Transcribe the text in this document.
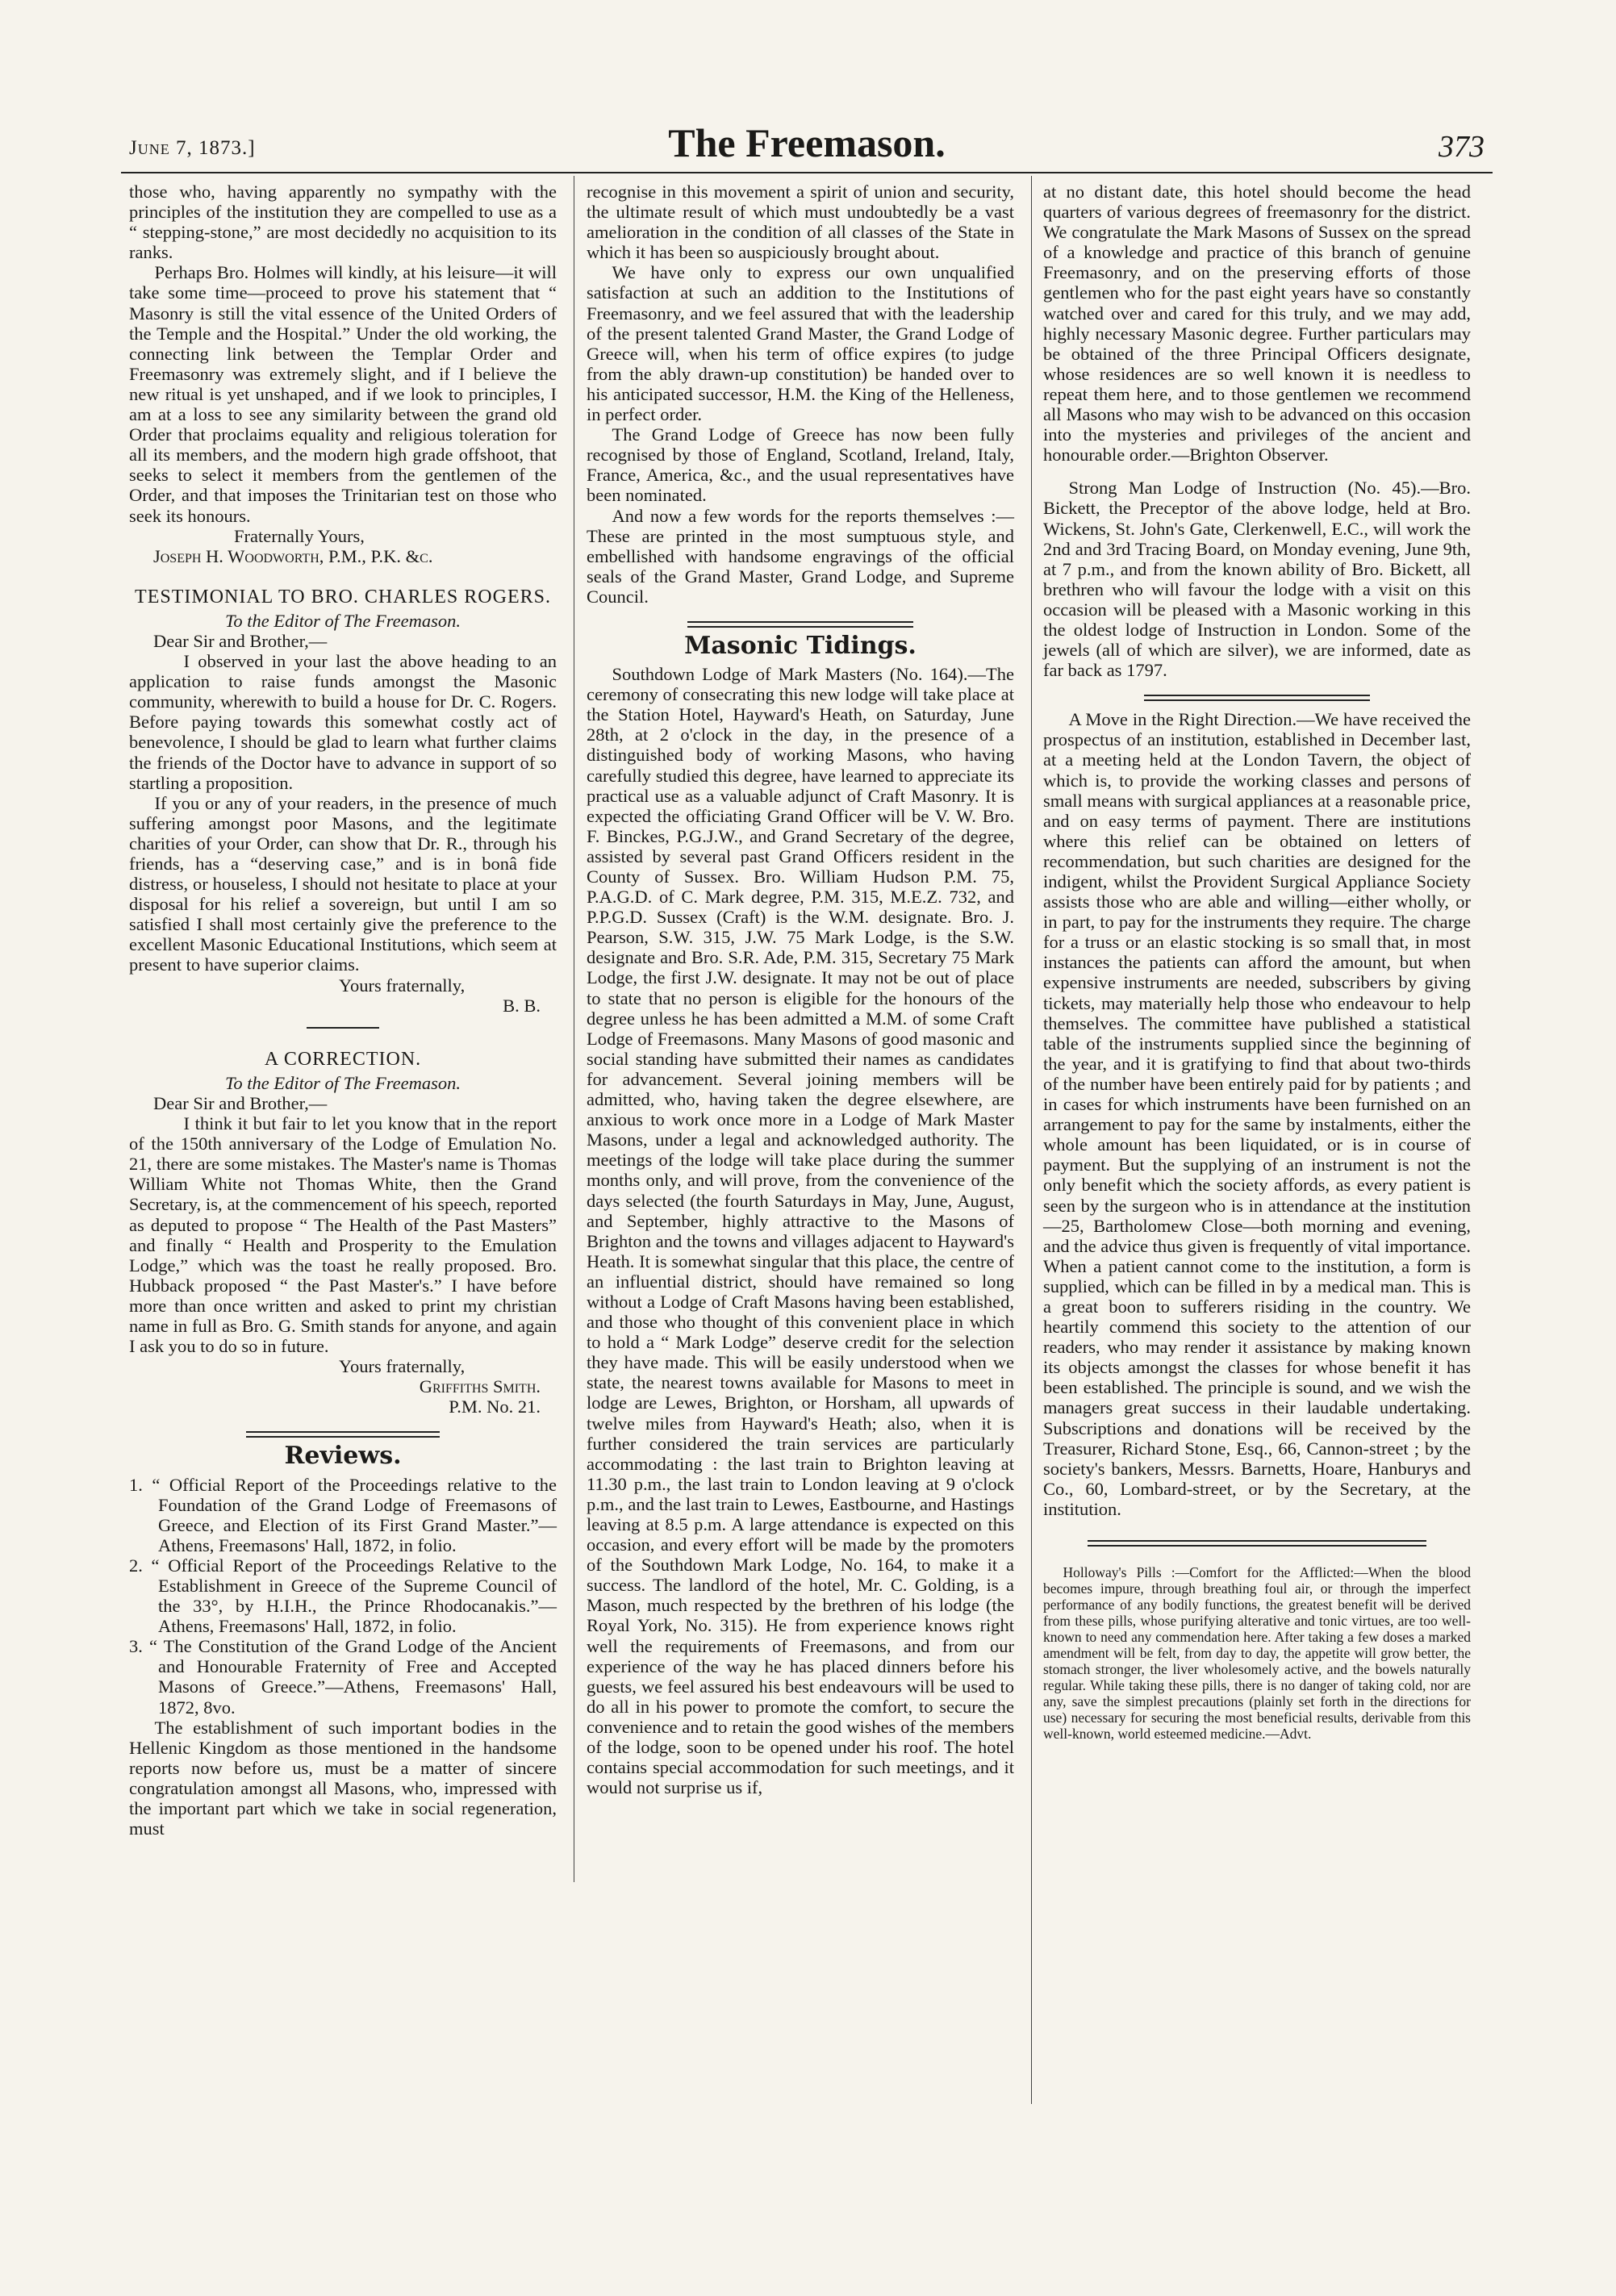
June 7, 1873.]	The Freemason.	373

those who, having apparently no sympathy with the principles of the institution they are compelled to use as a “ stepping-stone,” are most decidedly no acquisition to its ranks.

Perhaps Bro. Holmes will kindly, at his leisure—it will take some time—proceed to prove his statement that “ Masonry is still the vital essence of the United Orders of the Temple and the Hospital.” Under the old working, the connecting link between the Templar Order and Freemasonry was extremely slight, and if I believe the new ritual is yet unshaped, and if we look to principles, I am at a loss to see any similarity between the grand old Order that proclaims equality and religious toleration for all its members, and the modern high grade offshoot, that seeks to select it members from the gentlemen of the Order, and that imposes the Trinitarian test on those who seek its honours.

Fraternally Yours,

Joseph H. Woodworth, P.M., P.K. &c.

TESTIMONIAL TO BRO. CHARLES ROGERS.

To the Editor of The Freemason.

Dear Sir and Brother,—

I observed in your last the above heading to an application to raise funds amongst the Masonic community, wherewith to build a house for Dr. C. Rogers. Before paying towards this somewhat costly act of benevolence, I should be glad to learn what further claims the friends of the Doctor have to advance in support of so startling a proposition.

If you or any of your readers, in the presence of much suffering amongst poor Masons, and the legitimate charities of your Order, can show that Dr. R., through his friends, has a “deserving case,” and is in bonâ fide distress, or houseless, I should not hesitate to place at your disposal for his relief a sovereign, but until I am so satisfied I shall most certainly give the preference to the excellent Masonic Educational Institutions, which seem at present to have superior claims.

Yours fraternally,

B. B.

A CORRECTION.

To the Editor of The Freemason.

Dear Sir and Brother,—

I think it but fair to let you know that in the report of the 150th anniversary of the Lodge of Emulation No. 21, there are some mistakes. The Master's name is Thomas William White not Thomas White, then the Grand Secretary, is, at the commencement of his speech, reported as deputed to propose “ The Health of the Past Masters” and finally “ Health and Prosperity to the Emulation Lodge,” which was the toast he really proposed. Bro. Hubback proposed “ the Past Master's.” I have before more than once written and asked to print my christian name in full as Bro. G. Smith stands for anyone, and again I ask you to do so in future.

Yours fraternally,

Griffiths Smith.

P.M. No. 21.

Reviews.

1. “ Official Report of the Proceedings relative to the Foundation of the Grand Lodge of Freemasons of Greece, and Election of its First Grand Master.”—Athens, Freemasons' Hall, 1872, in folio.

2. “ Official Report of the Proceedings Relative to the Establishment in Greece of the Supreme Council of the 33°, by H.I.H., the Prince Rhodocanakis.”—Athens, Freemasons' Hall, 1872, in folio.

3. “ The Constitution of the Grand Lodge of the Ancient and Honourable Fraternity of Free and Accepted Masons of Greece.”—Athens, Freemasons' Hall, 1872, 8vo.

The establishment of such important bodies in the Hellenic Kingdom as those mentioned in the handsome reports now before us, must be a matter of sincere congratulation amongst all Masons, who, impressed with the important part which we take in social regeneration, must

recognise in this movement a spirit of union and security, the ultimate result of which must undoubtedly be a vast amelioration in the condition of all classes of the State in which it has been so auspiciously brought about.

We have only to express our own unqualified satisfaction at such an addition to the Institutions of Freemasonry, and we feel assured that with the leadership of the present talented Grand Master, the Grand Lodge of Greece will, when his term of office expires (to judge from the ably drawn-up constitution) be handed over to his anticipated successor, H.M. the King of the Helleness, in perfect order.

The Grand Lodge of Greece has now been fully recognised by those of England, Scotland, Ireland, Italy, France, America, &c., and the usual representatives have been nominated.

And now a few words for the reports themselves :—These are printed in the most sumptuous style, and embellished with handsome engravings of the official seals of the Grand Master, Grand Lodge, and Supreme Council.

Masonic Tidings.

Southdown Lodge of Mark Masters (No. 164).—The ceremony of consecrating this new lodge will take place at the Station Hotel, Hayward's Heath, on Saturday, June 28th, at 2 o'clock in the day, in the presence of a distinguished body of working Masons, who having carefully studied this degree, have learned to appreciate its practical use as a valuable adjunct of Craft Masonry. It is expected the officiating Grand Officer will be V. W. Bro. F. Binckes, P.G.J.W., and Grand Secretary of the degree, assisted by several past Grand Officers resident in the County of Sussex. Bro. William Hudson P.M. 75, P.A.G.D. of C. Mark degree, P.M. 315, M.E.Z. 732, and P.P.G.D. Sussex (Craft) is the W.M. designate. Bro. J. Pearson, S.W. 315, J.W. 75 Mark Lodge, is the S.W. designate and Bro. S.R. Ade, P.M. 315, Secretary 75 Mark Lodge, the first J.W. designate. It may not be out of place to state that no person is eligible for the honours of the degree unless he has been admitted a M.M. of some Craft Lodge of Freemasons. Many Masons of good masonic and social standing have submitted their names as candidates for advancement. Several joining members will be admitted, who, having taken the degree elsewhere, are anxious to work once more in a Lodge of Mark Master Masons, under a legal and acknowledged authority. The meetings of the lodge will take place during the summer months only, and will prove, from the convenience of the days selected (the fourth Saturdays in May, June, August, and September, highly attractive to the Masons of Brighton and the towns and villages adjacent to Hayward's Heath. It is somewhat singular that this place, the centre of an influential district, should have remained so long without a Lodge of Craft Masons having been established, and those who thought of this convenient place in which to hold a “ Mark Lodge” deserve credit for the selection they have made. This will be easily understood when we state, the nearest towns available for Masons to meet in lodge are Lewes, Brighton, or Horsham, all upwards of twelve miles from Hayward's Heath; also, when it is further considered the train services are particularly accommodating : the last train to Brighton leaving at 11.30 p.m., the last train to London leaving at 9 o'clock p.m., and the last train to Lewes, Eastbourne, and Hastings leaving at 8.5 p.m. A large attendance is expected on this occasion, and every effort will be made by the promoters of the Southdown Mark Lodge, No. 164, to make it a success. The landlord of the hotel, Mr. C. Golding, is a Mason, much respected by the brethren of his lodge (the Royal York, No. 315). He from experience knows right well the requirements of Freemasons, and from our experience of the way he has placed dinners before his guests, we feel assured his best endeavours will be used to do all in his power to promote the comfort, to secure the convenience and to retain the good wishes of the members of the lodge, soon to be opened under his roof. The hotel contains special accommodation for such meetings, and it would not surprise us if,

at no distant date, this hotel should become the head quarters of various degrees of freemasonry for the district. We congratulate the Mark Masons of Sussex on the spread of a knowledge and practice of this branch of genuine Freemasonry, and on the preserving efforts of those gentlemen who for the past eight years have so constantly watched over and cared for this truly, and we may add, highly necessary Masonic degree. Further particulars may be obtained of the three Principal Officers designate, whose residences are so well known it is needless to repeat them here, and to those gentlemen we recommend all Masons who may wish to be advanced on this occasion into the mysteries and privileges of the ancient and honourable order.—Brighton Observer.

Strong Man Lodge of Instruction (No. 45).—Bro. Bickett, the Preceptor of the above lodge, held at Bro. Wickens, St. John's Gate, Clerkenwell, E.C., will work the 2nd and 3rd Tracing Board, on Monday evening, June 9th, at 7 p.m., and from the known ability of Bro. Bickett, all brethren who will favour the lodge with a visit on this occasion will be pleased with a Masonic working in this the oldest lodge of Instruction in London. Some of the jewels (all of which are silver), we are informed, date as far back as 1797.

A Move in the Right Direction.—We have received the prospectus of an institution, established in December last, at a meeting held at the London Tavern, the object of which is, to provide the working classes and persons of small means with surgical appliances at a reasonable price, and on easy terms of payment. There are institutions where this relief can be obtained on letters of recommendation, but such charities are designed for the indigent, whilst the Provident Surgical Appliance Society assists those who are able and willing—either wholly, or in part, to pay for the instruments they require. The charge for a truss or an elastic stocking is so small that, in most instances the patients can afford the amount, but when expensive instruments are needed, subscribers by giving tickets, may materially help those who endeavour to help themselves. The committee have published a statistical table of the instruments supplied since the beginning of the year, and it is gratifying to find that about two-thirds of the number have been entirely paid for by patients ; and in cases for which instruments have been furnished on an arrangement to pay for the same by instalments, either the whole amount has been liquidated, or is in course of payment. But the supplying of an instrument is not the only benefit which the society affords, as every patient is seen by the surgeon who is in attendance at the institution—25, Bartholomew Close—both morning and evening, and the advice thus given is frequently of vital importance. When a patient cannot come to the institution, a form is supplied, which can be filled in by a medical man. This is a great boon to sufferers risiding in the country. We heartily commend this society to the attention of our readers, who may render it assistance by making known its objects amongst the classes for whose benefit it has been established. The principle is sound, and we wish the managers great success in their laudable undertaking. Subscriptions and donations will be received by the Treasurer, Richard Stone, Esq., 66, Cannon-street ; by the society's bankers, Messrs. Barnetts, Hoare, Hanburys and Co., 60, Lombard-street, or by the Secretary, at the institution.

Holloway's Pills :—Comfort for the Afflicted:—When the blood becomes impure, through breathing foul air, or through the imperfect performance of any bodily functions, the greatest benefit will be derived from these pills, whose purifying alterative and tonic virtues, are too well-known to need any commendation here. After taking a few doses a marked amendment will be felt, from day to day, the appetite will grow better, the stomach stronger, the liver wholesomely active, and the bowels naturally regular. While taking these pills, there is no danger of taking cold, nor are any, save the simplest precautions (plainly set forth in the directions for use) necessary for securing the most beneficial results, derivable from this well-known, world esteemed medicine.—Advt.
